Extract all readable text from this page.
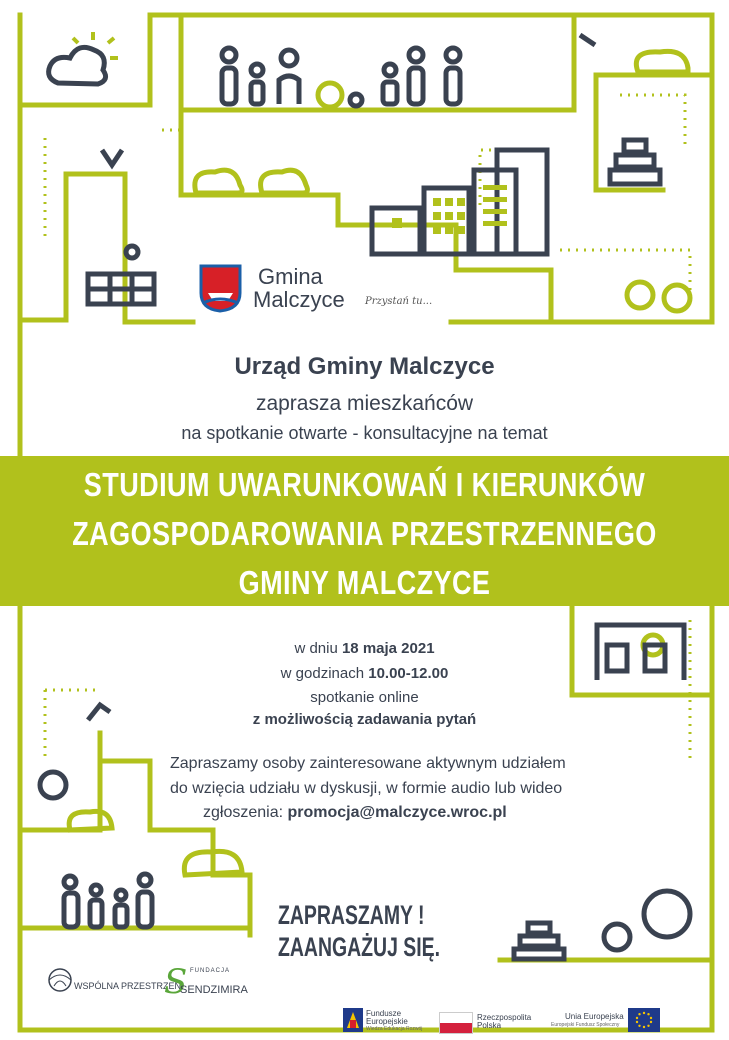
Gmina
Malczyce Przystań tu...
Urząd Gminy Malczyce
zaprasza mieszkańców
na spotkanie otwarte - konsultacyjne na temat
STUDIUM UWARUNKOWAŃ I KIERUNKÓW
ZAGOSPODAROWANIA PRZESTRZENNEGO
GMINY MALCZYCE
w dniu 18 maja 2021
w godzinach 10.00-12.00
spotkanie online
z możliwością zadawania pytań
Zapraszamy osoby zainteresowane aktywnym udziałem
do wzięcia udziału w dyskusji, w formie audio lub wideo
zgłoszenia: promocja@malczyce.wroc.pl
ZAPRASZAMY !
ZAANGAŻUJ SIĘ.
WSPÓLNA PRZESTRZEŃ
S FUNDACJA
SENDZIMIRA
Fundusze
Europejskie
Wiedza Edukacja Rozwój
Rzeczpospolita
Polska
Unia Europejska
Europejski Fundusz Społeczny
